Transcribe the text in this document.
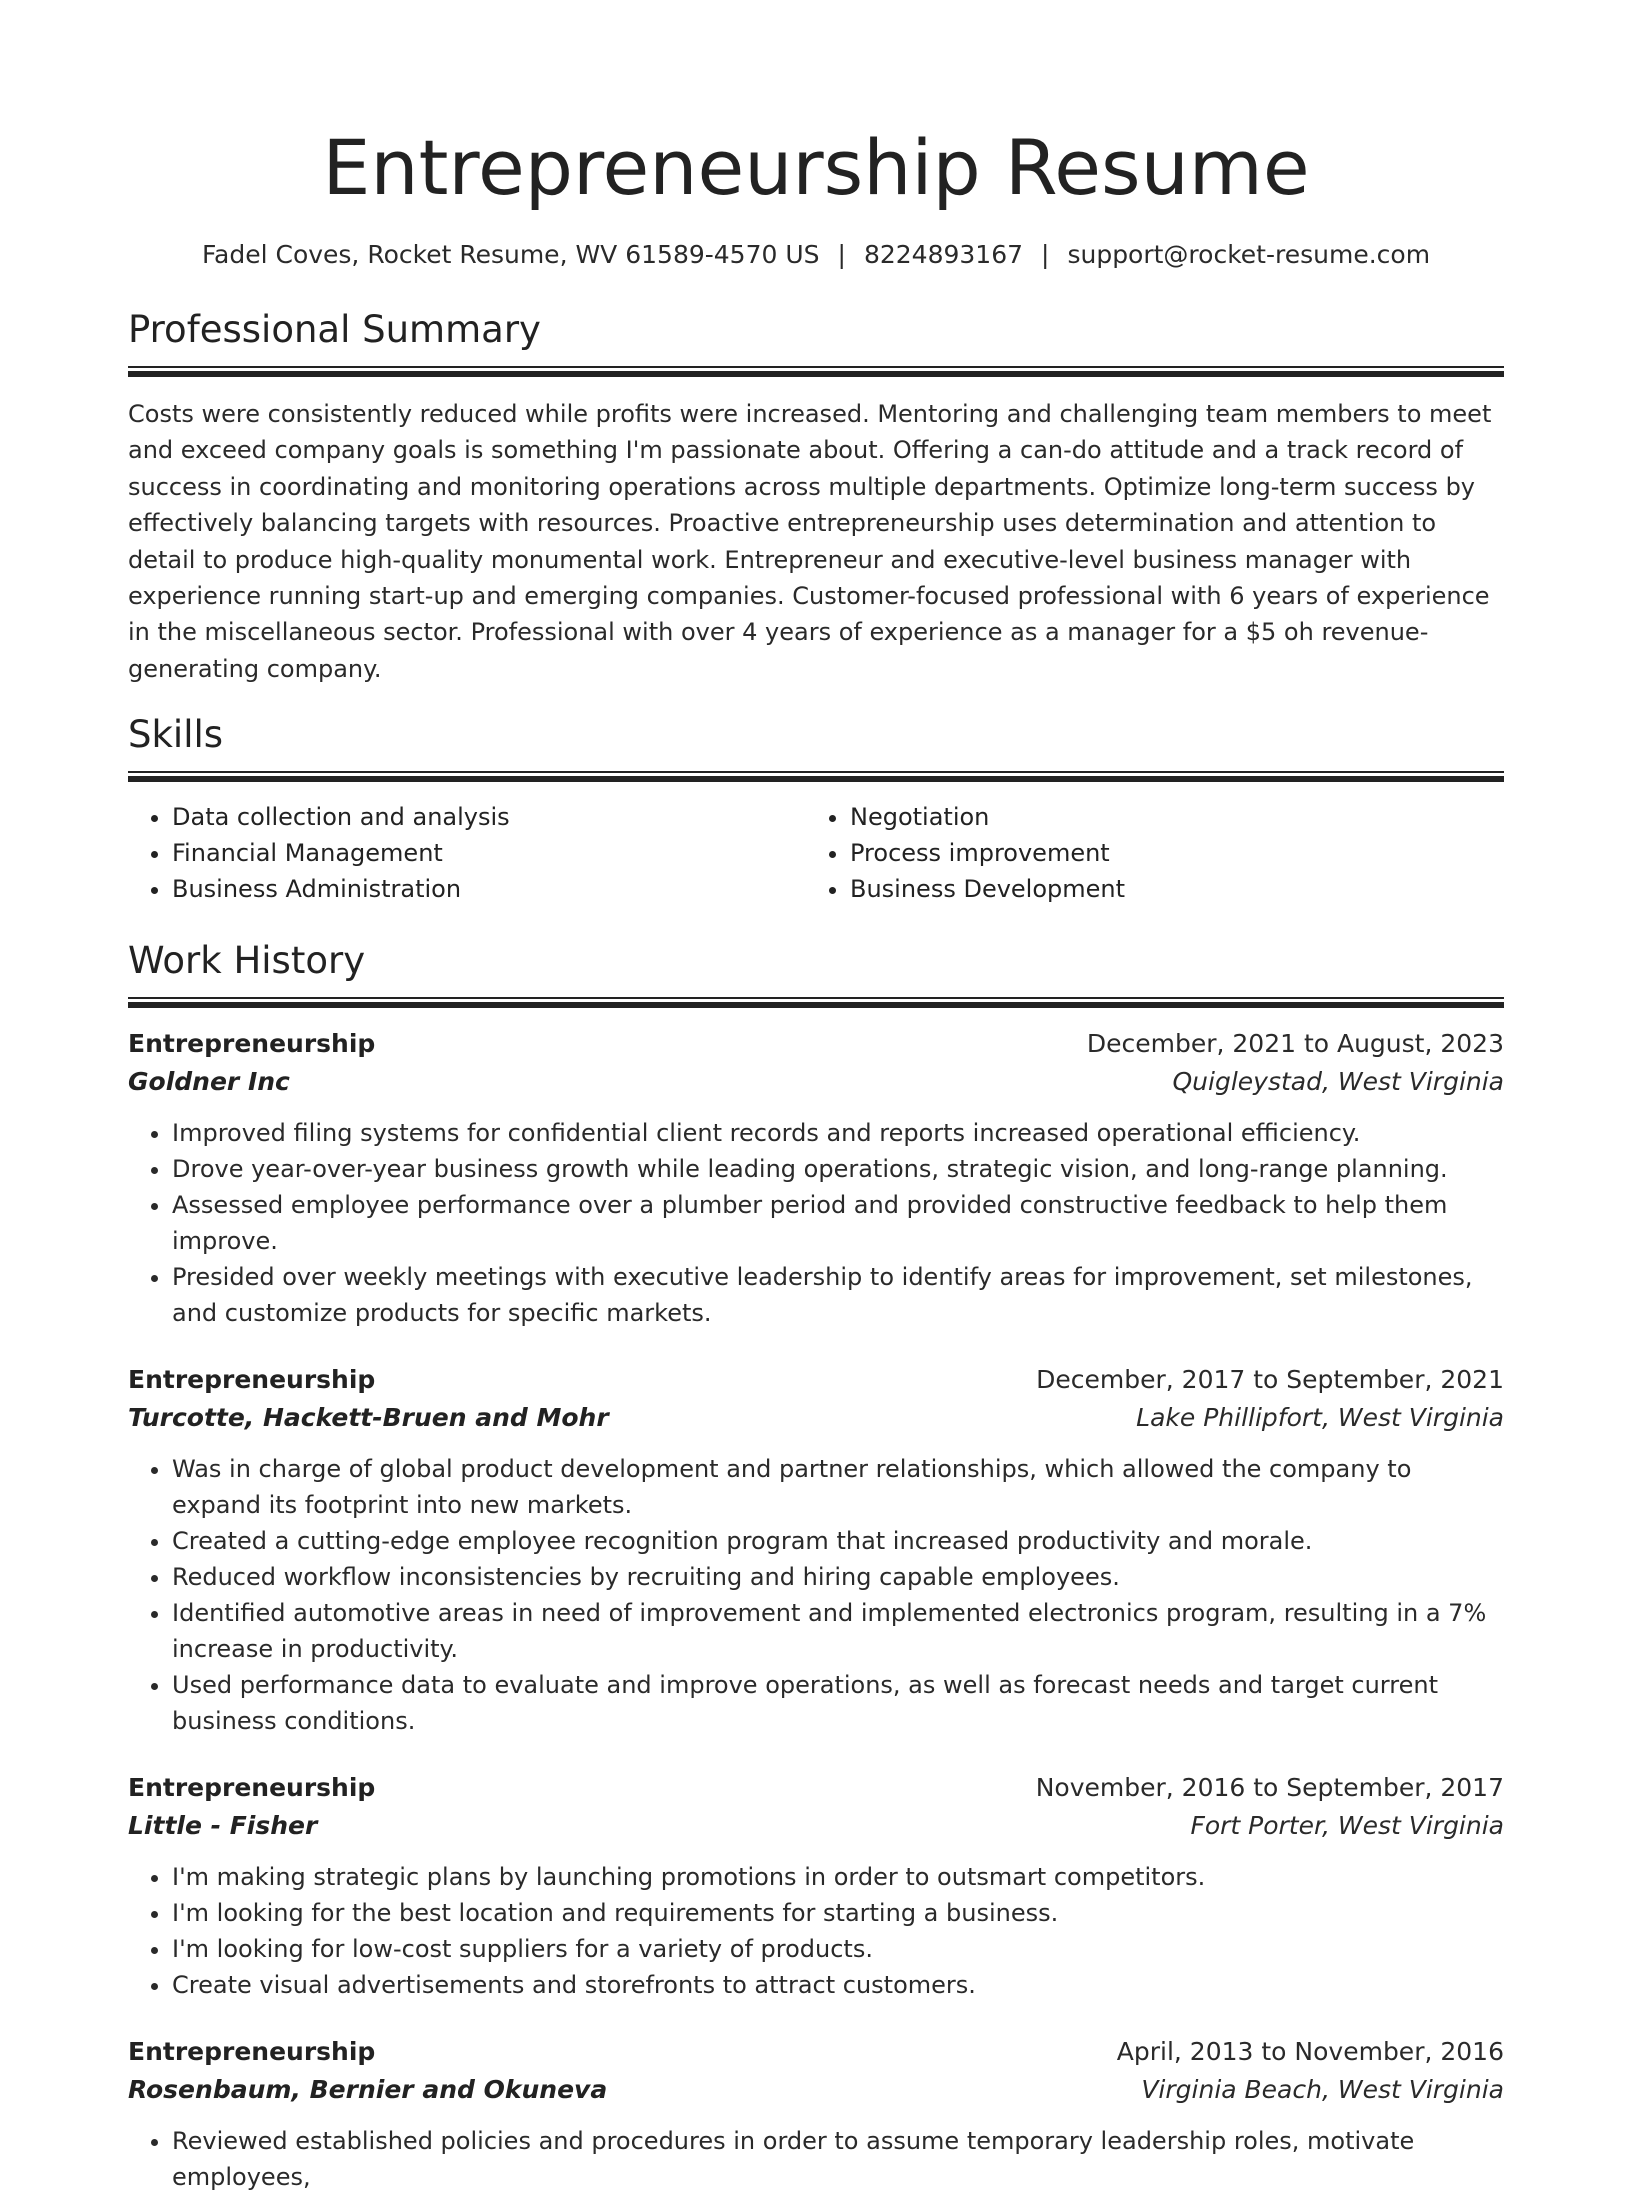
Entrepreneurship Resume
Fadel Coves, Rocket Resume, WV 61589-4570 US | 8224893167 | support@rocket-resume.com
Professional Summary

Costs were consistently reduced while profits were increased. Mentoring and challenging team members to meet and exceed company goals is something I'm passionate about. Offering a can-do attitude and a track record of success in coordinating and monitoring operations across multiple departments. Optimize long-term success by effectively balancing targets with resources. Proactive entrepreneurship uses determination and attention to detail to produce high-quality monumental work. Entrepreneur and executive-level business manager with experience running start-up and emerging companies. Customer-focused professional with 6 years of experience in the miscellaneous sector. Professional with over 4 years of experience as a manager for a $5 oh revenue-generating company.

Skills
• Data collection and analysis
• Financial Management
• Business Administration
• Negotiation
• Process improvement
• Business Development
Work History
Entrepreneurship	December, 2021 to August, 2023
Goldner Inc	Quigleystad, West Virginia
• Improved filing systems for confidential client records and reports increased operational efficiency.
• Drove year-over-year business growth while leading operations, strategic vision, and long-range planning.
• Assessed employee performance over a plumber period and provided constructive feedback to help them improve.
• Presided over weekly meetings with executive leadership to identify areas for improvement, set milestones, and customize products for specific markets.
Entrepreneurship	December, 2017 to September, 2021
Turcotte, Hackett-Bruen and Mohr	Lake Phillipfort, West Virginia
• Was in charge of global product development and partner relationships, which allowed the company to expand its footprint into new markets.
• Created a cutting-edge employee recognition program that increased productivity and morale.
• Reduced workflow inconsistencies by recruiting and hiring capable employees.
• Identified automotive areas in need of improvement and implemented electronics program, resulting in a 7% increase in productivity.
• Used performance data to evaluate and improve operations, as well as forecast needs and target current business conditions.
Entrepreneurship	November, 2016 to September, 2017
Little - Fisher	Fort Porter, West Virginia
• I'm making strategic plans by launching promotions in order to outsmart competitors.
• I'm looking for the best location and requirements for starting a business.
• I'm looking for low-cost suppliers for a variety of products.
• Create visual advertisements and storefronts to attract customers.
Entrepreneurship	April, 2013 to November, 2016
Rosenbaum, Bernier and Okuneva	Virginia Beach, West Virginia
• Reviewed established policies and procedures in order to assume temporary leadership roles, motivate employees,
